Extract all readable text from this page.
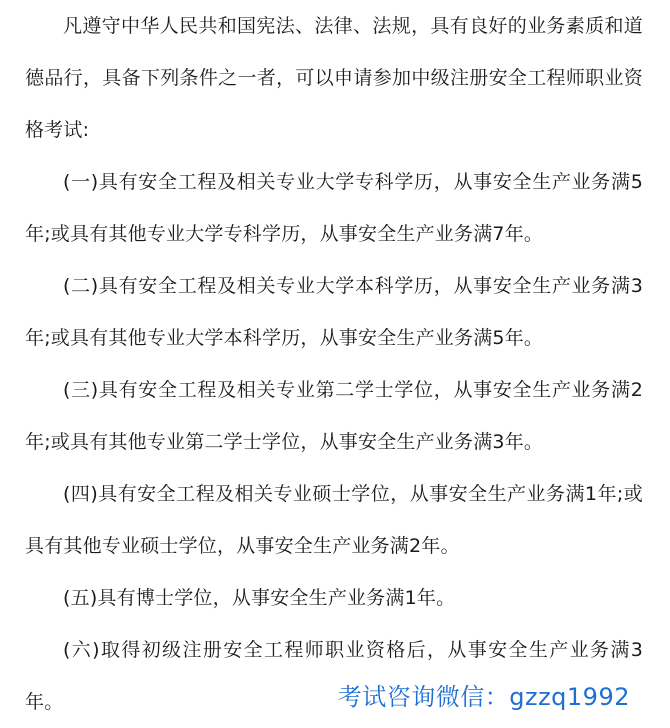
凡遵守中华人民共和国宪法、法律、法规，具有良好的业务素质和道德品行，具备下列条件之一者，可以申请参加中级注册安全工程师职业资格考试:

(一)具有安全工程及相关专业大学专科学历，从事安全生产业务满5年;或具有其他专业大学专科学历，从事安全生产业务满7年。

(二)具有安全工程及相关专业大学本科学历，从事安全生产业务满3年;或具有其他专业大学本科学历，从事安全生产业务满5年。

(三)具有安全工程及相关专业第二学士学位，从事安全生产业务满2年;或具有其他专业第二学士学位，从事安全生产业务满3年。

(四)具有安全工程及相关专业硕士学位，从事安全生产业务满1年;或具有其他专业硕士学位，从事安全生产业务满2年。

(五)具有博士学位，从事安全生产业务满1年。

(六)取得初级注册安全工程师职业资格后，从事安全生产业务满3年。	考试咨询微信：gzzq1992
